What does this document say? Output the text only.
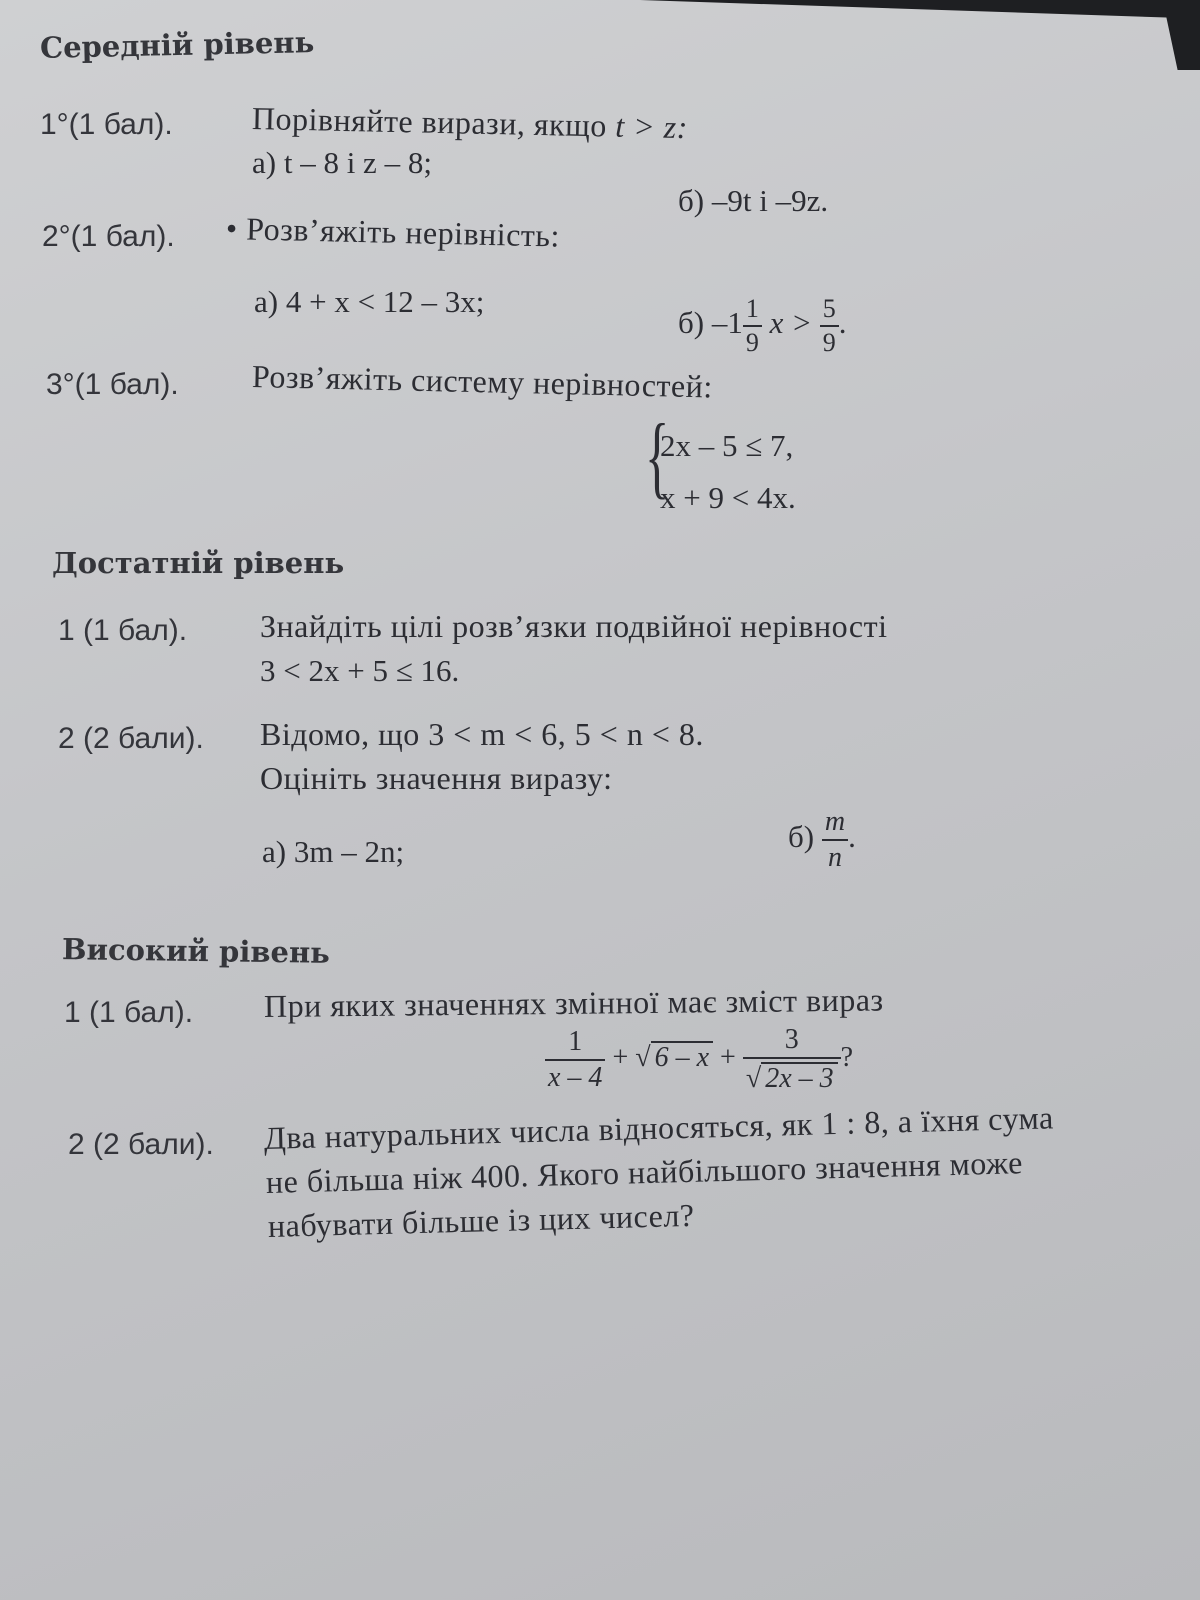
Середній рівень
1°(1 бал). Порівняйте вирази, якщо t > z:
а) t – 8 і z – 8;
б) –9t і –9z.
2°(1 бал). • Розв’яжіть нерівність:
а) 4 + x < 12 – 3x;
б) $-1 \frac{1}{9}$ $x > \frac{5}{9}$ .
3°(1 бал). Розв’яжіть систему нерівностей:
{
2x – 5 ≤ 7,
x + 9 < 4x.
Достатній рівень
1 (1 бал). Знайдіть цілі розв’язки подвійної нерівності
3 < 2x + 5 ≤ 16.
2 (2 бали). Відомо, що 3 < m < 6, 5 < n < 8.
Оцініть значення виразу:
а) 3m – 2n;	$б) \frac{m}{n}$ .
Високий рівень
1 (1 бал). При яких значеннях змінної має зміст вираз
$\frac{1}{x - 4}$ + √ $6 - x + \frac{3}{√ 2x - 3}$ ?
2 (2 бали). Два натуральних числа відносяться, як 1 : 8, а їхня сума
не більша ніж 400. Якого найбільшого значення може
набувати більше із цих чисел?
